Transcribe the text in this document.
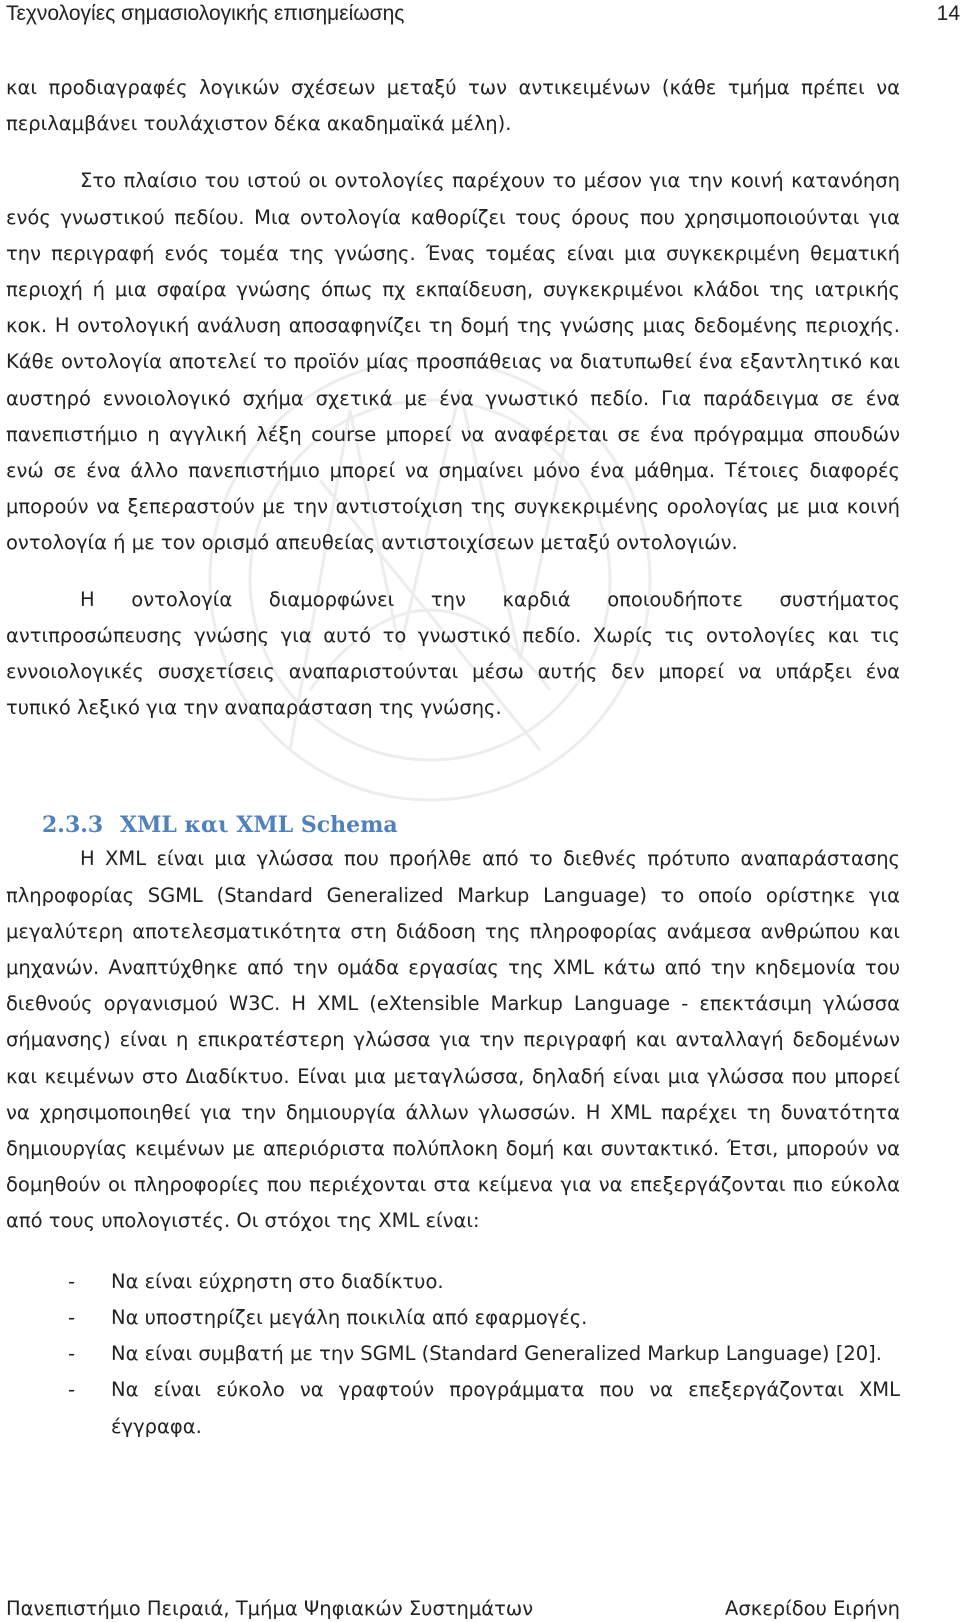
Τεχνολογίες σημασιολογικής επισημείωσης	14

και προδιαγραφές λογικών σχέσεων μεταξύ των αντικειμένων (κάθε τμήμα πρέπει να περιλαμβάνει τουλάχιστον δέκα ακαδημαϊκά μέλη).

Στο πλαίσιο του ιστού οι οντολογίες παρέχουν το μέσον για την κοινή κατανόηση ενός γνωστικού πεδίου. Μια οντολογία καθορίζει τους όρους που χρησιμοποιούνται για την περιγραφή ενός τομέα της γνώσης. Ένας τομέας είναι μια συγκεκριμένη θεματική περιοχή ή μια σφαίρα γνώσης όπως πχ εκπαίδευση, συγκεκριμένοι κλάδοι της ιατρικής κοκ. Η οντολογική ανάλυση αποσαφηνίζει τη δομή της γνώσης μιας δεδομένης περιοχής. Κάθε οντολογία αποτελεί το προϊόν μίας προσπάθειας να διατυπωθεί ένα εξαντλητικό και αυστηρό εννοιολογικό σχήμα σχετικά με ένα γνωστικό πεδίο. Για παράδειγμα σε ένα πανεπιστήμιο η αγγλική λέξη course μπορεί να αναφέρεται σε ένα πρόγραμμα σπουδών ενώ σε ένα άλλο πανεπιστήμιο μπορεί να σημαίνει μόνο ένα μάθημα. Τέτοιες διαφορές μπορούν να ξεπεραστούν με την αντιστοίχιση της συγκεκριμένης ορολογίας με μια κοινή οντολογία ή με τον ορισμό απευθείας αντιστοιχίσεων μεταξύ οντολογιών.

Η οντολογία διαμορφώνει την καρδιά οποιουδήποτε συστήματος αντιπροσώπευσης γνώσης για αυτό το γνωστικό πεδίο. Χωρίς τις οντολογίες και τις εννοιολογικές συσχετίσεις αναπαριστούνται μέσω αυτής δεν μπορεί να υπάρξει ένα τυπικό λεξικό για την αναπαράσταση της γνώσης.

2.3.3 XML και XML Schema

Η XML είναι μια γλώσσα που προήλθε από το διεθνές πρότυπο αναπαράστασης πληροφορίας SGML (Standard Generalized Markup Language) το οποίο ορίστηκε για μεγαλύτερη αποτελεσματικότητα στη διάδοση της πληροφορίας ανάμεσα ανθρώπου και μηχανών. Αναπτύχθηκε από την ομάδα εργασίας της XML κάτω από την κηδεμονία του διεθνούς οργανισμού W3C. Η XML (eXtensible Markup Language - επεκτάσιμη γλώσσα σήμανσης) είναι η επικρατέστερη γλώσσα για την περιγραφή και ανταλλαγή δεδομένων και κειμένων στο Διαδίκτυο. Είναι μια μεταγλώσσα, δηλαδή είναι μια γλώσσα που μπορεί να χρησιμοποιηθεί για την δημιουργία άλλων γλωσσών. Η XML παρέχει τη δυνατότητα δημιουργίας κειμένων με απεριόριστα πολύπλοκη δομή και συντακτικό. Έτσι, μπορούν να δομηθούν οι πληροφορίες που περιέχονται στα κείμενα για να επεξεργάζονται πιο εύκολα από τους υπολογιστές. Οι στόχοι της XML είναι:

- Να είναι εύχρηστη στο διαδίκτυο.
- Να υποστηρίζει μεγάλη ποικιλία από εφαρμογές.
- Να είναι συμβατή με την SGML (Standard Generalized Markup Language) [20].
- Να είναι εύκολο να γραφτούν προγράμματα που να επεξεργάζονται XML έγγραφα.
Πανεπιστήμιο Πειραιά, Τμήμα Ψηφιακών Συστημάτων	Ασκερίδου Ειρήνη
